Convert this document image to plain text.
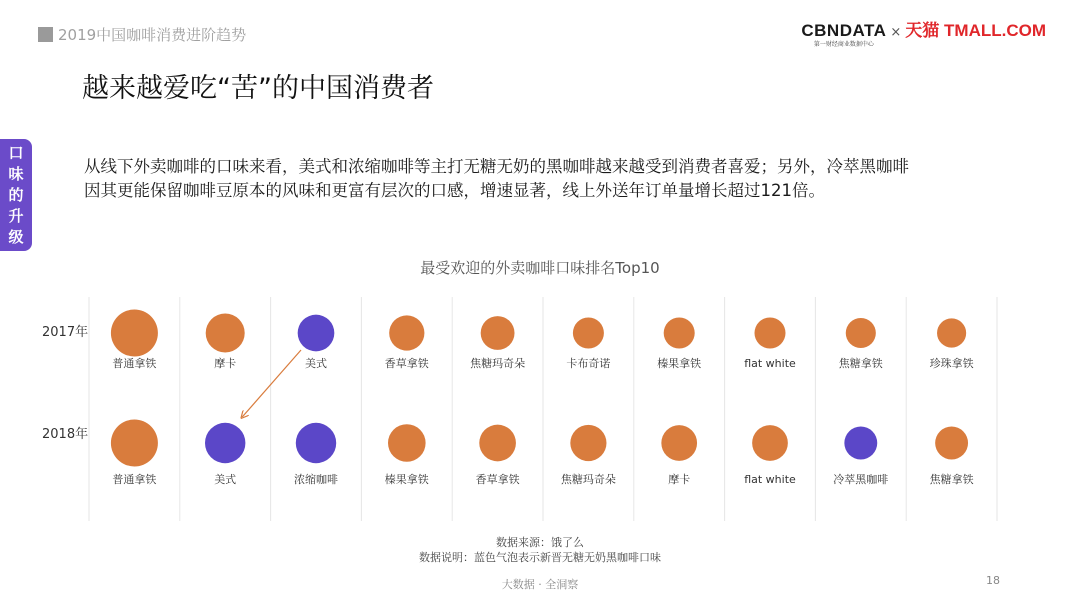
2019中国咖啡消费进阶趋势	CBNDATA
第一财经商业数据中心
× 天猫 TMALL.COM
越来越爱吃“苦”的中国消费者
口味的升级

从线下外卖咖啡的口味来看，美式和浓缩咖啡等主打无糖无奶的黑咖啡越来越受到消费者喜爱；另外，冷萃黑咖啡

因其更能保留咖啡豆原本的风味和更富有层次的口感，增速显著，线上外送年订单量增长超过121倍。

最受欢迎的外卖咖啡口味排名Top10
2017年
普通拿铁	摩卡	美式	香草拿铁	焦糖玛奇朵	卡布奇诺	榛果拿铁	flat white	焦糖拿铁	珍珠拿铁
2018年
普通拿铁	美式	浓缩咖啡	榛果拿铁	香草拿铁	焦糖玛奇朵	摩卡	flat white	冷萃黑咖啡	焦糖拿铁
数据来源：饿了么
数据说明：蓝色气泡表示新晋无糖无奶黑咖啡口味
大数据 · 全洞察	18
